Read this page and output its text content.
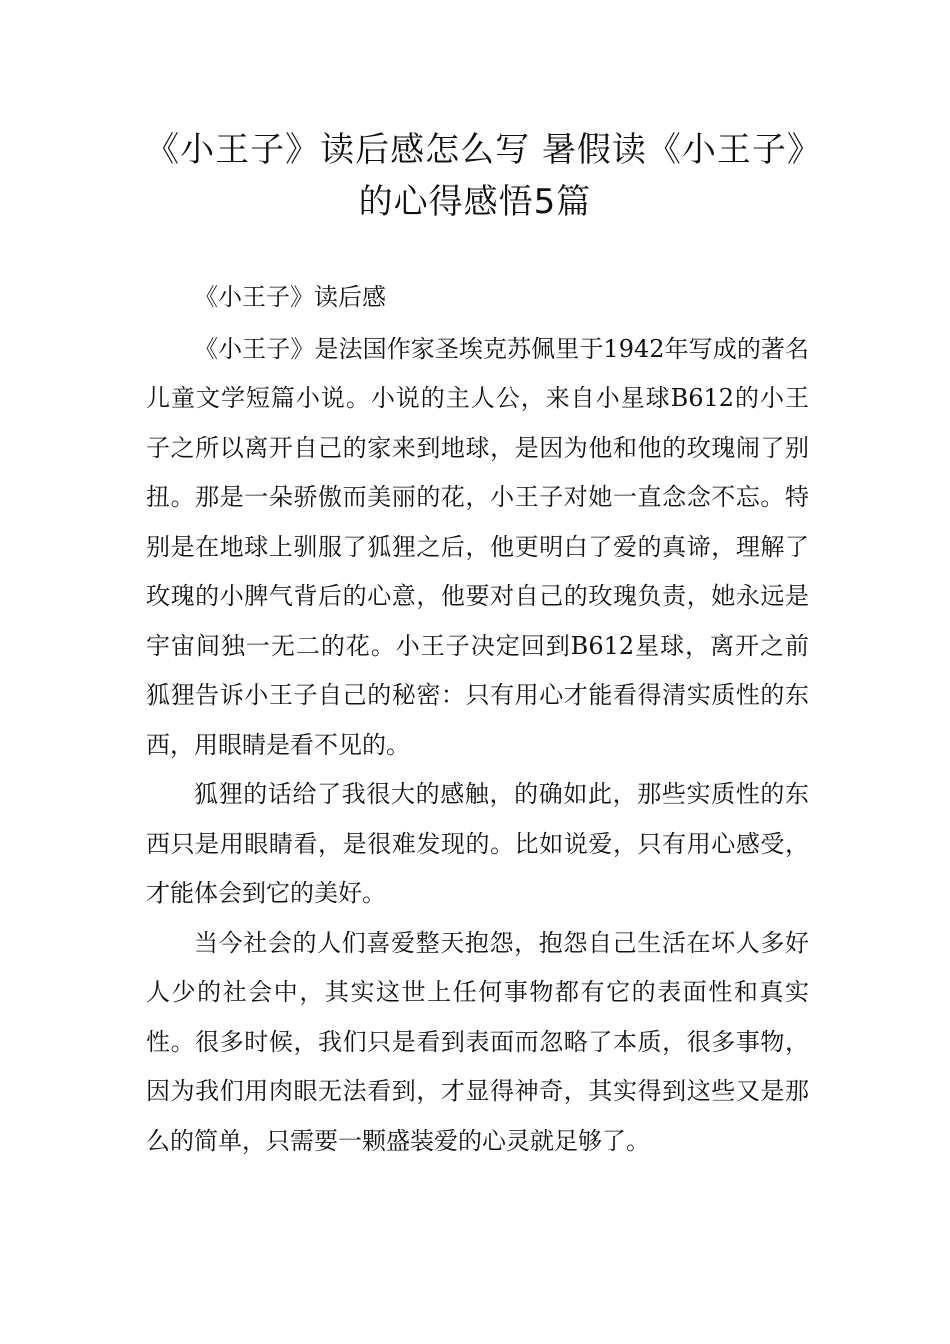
《小王子》读后感怎么写 暑假读《小王子》的心得感悟5篇

《小王子》读后感

《小王子》是法国作家圣埃克苏佩里于1942年写成的著名儿童文学短篇小说。小说的主人公，来自小星球B612的小王子之所以离开自己的家来到地球，是因为他和他的玫瑰闹了别扭。那是一朵骄傲而美丽的花，小王子对她一直念念不忘。特别是在地球上驯服了狐狸之后，他更明白了爱的真谛，理解了玫瑰的小脾气背后的心意，他要对自己的玫瑰负责，她永远是宇宙间独一无二的花。小王子决定回到B612星球，离开之前狐狸告诉小王子自己的秘密：只有用心才能看得清实质性的东西，用眼睛是看不见的。

狐狸的话给了我很大的感触，的确如此，那些实质性的东西只是用眼睛看，是很难发现的。比如说爱，只有用心感受，才能体会到它的美好。

当今社会的人们喜爱整天抱怨，抱怨自己生活在坏人多好人少的社会中，其实这世上任何事物都有它的表面性和真实性。很多时候，我们只是看到表面而忽略了本质，很多事物，因为我们用肉眼无法看到，才显得神奇，其实得到这些又是那么的简单，只需要一颗盛装爱的心灵就足够了。
